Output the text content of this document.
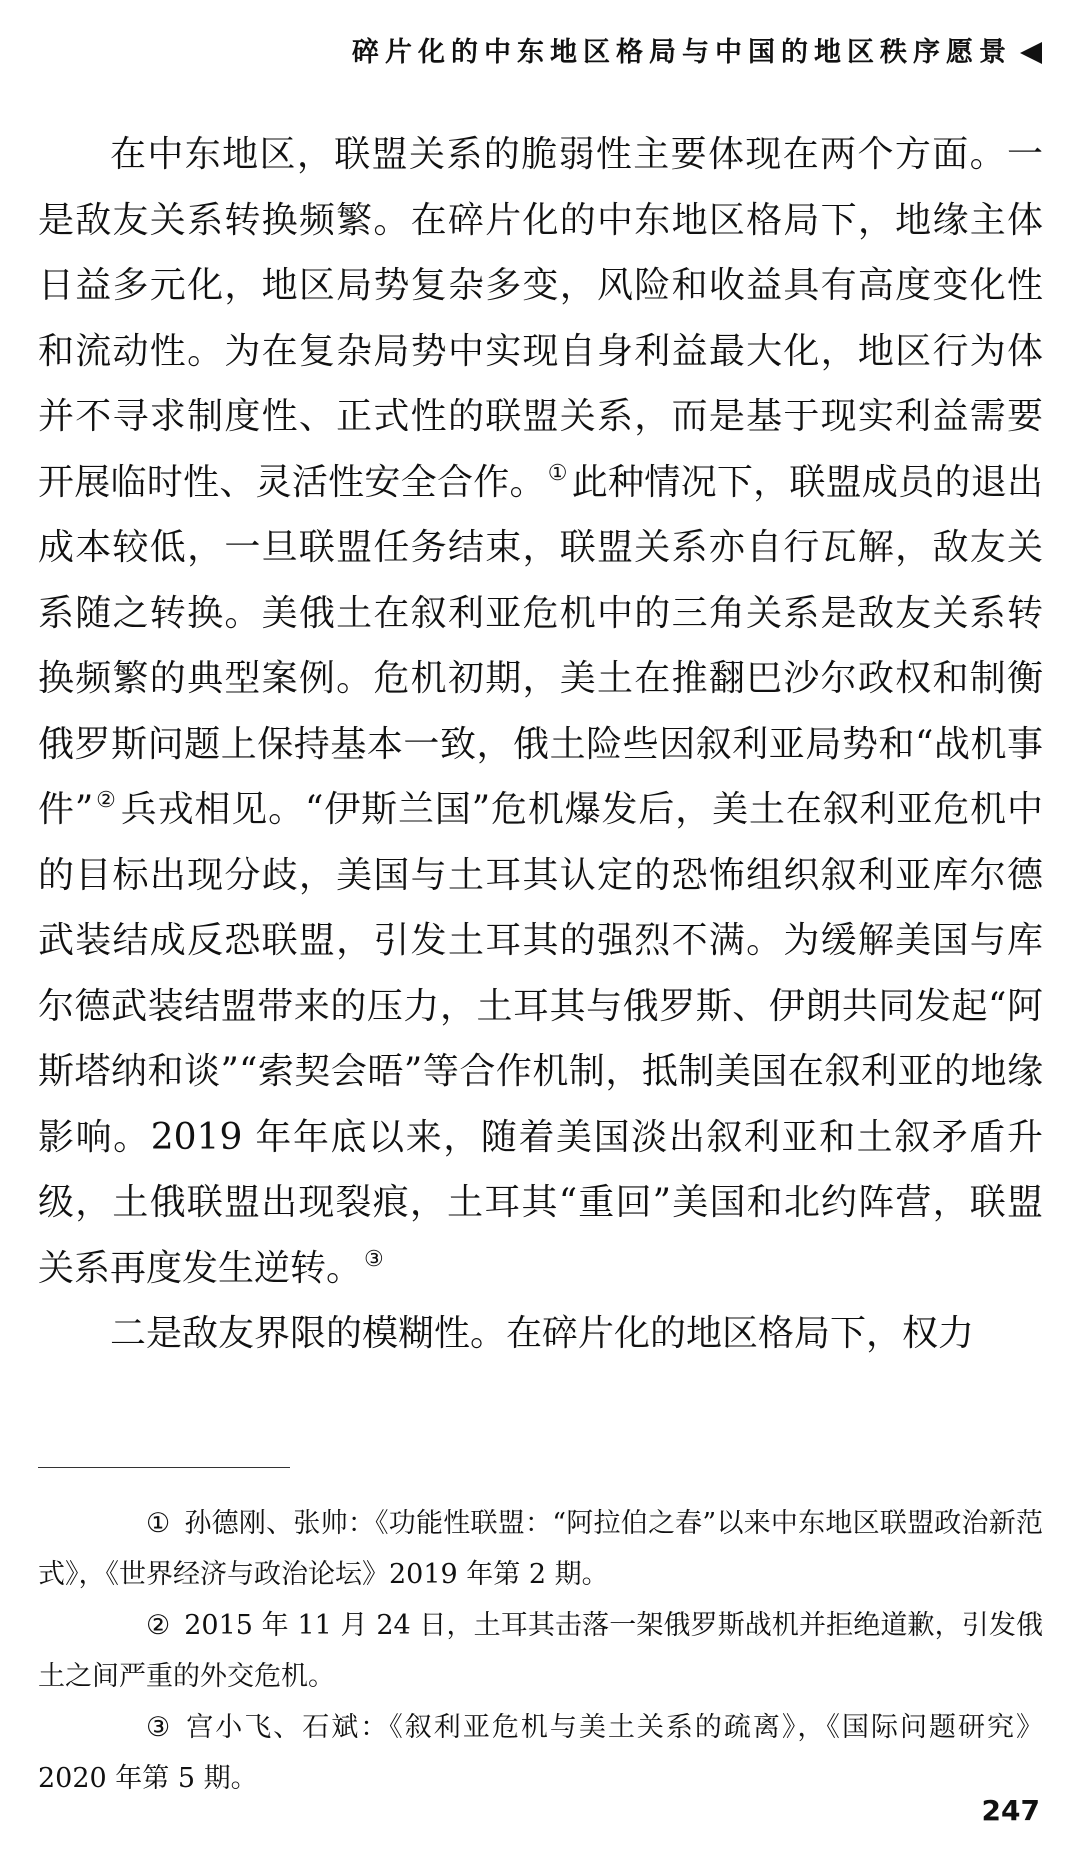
碎片化的中东地区格局与中国的地区秩序愿景

在中东地区，联盟关系的脆弱性主要体现在两个方面。一是敌友关系转换频繁。在碎片化的中东地区格局下，地缘主体日益多元化，地区局势复杂多变，风险和收益具有高度变化性和流动性。为在复杂局势中实现自身利益最大化，地区行为体并不寻求制度性、正式性的联盟关系，而是基于现实利益需要开展临时性、灵活性安全合作。① 此种情况下，联盟成员的退出成本较低，一旦联盟任务结束，联盟关系亦自行瓦解，敌友关系随之转换。美俄土在叙利亚危机中的三角关系是敌友关系转换频繁的典型案例。危机初期，美土在推翻巴沙尔政权和制衡俄罗斯问题上保持基本一致，俄土险些因叙利亚局势和“战机事件”② 兵戎相见。“伊斯兰国”危机爆发后，美土在叙利亚危机中的目标出现分歧，美国与土耳其认定的恐怖组织叙利亚库尔德武装结成反恐联盟，引发土耳其的强烈不满。为缓解美国与库尔德武装结盟带来的压力，土耳其与俄罗斯、伊朗共同发起“阿斯塔纳和谈”“索契会晤”等合作机制，抵制美国在叙利亚的地缘影响。2019 年年底以来，随着美国淡出叙利亚和土叙矛盾升级，土俄联盟出现裂痕，土耳其“重回”美国和北约阵营，联盟关系再度发生逆转。③

二是敌友界限的模糊性。在碎片化的地区格局下，权力

① 孙德刚、张帅：《功能性联盟：“阿拉伯之春”以来中东地区联盟政治新范式》，《世界经济与政治论坛》2019 年第 2 期。

② 2015 年 11 月 24 日，土耳其击落一架俄罗斯战机并拒绝道歉，引发俄土之间严重的外交危机。

③ 宫小飞、石斌：《叙利亚危机与美土关系的疏离》，《国际问题研究》2020 年第 5 期。

247
